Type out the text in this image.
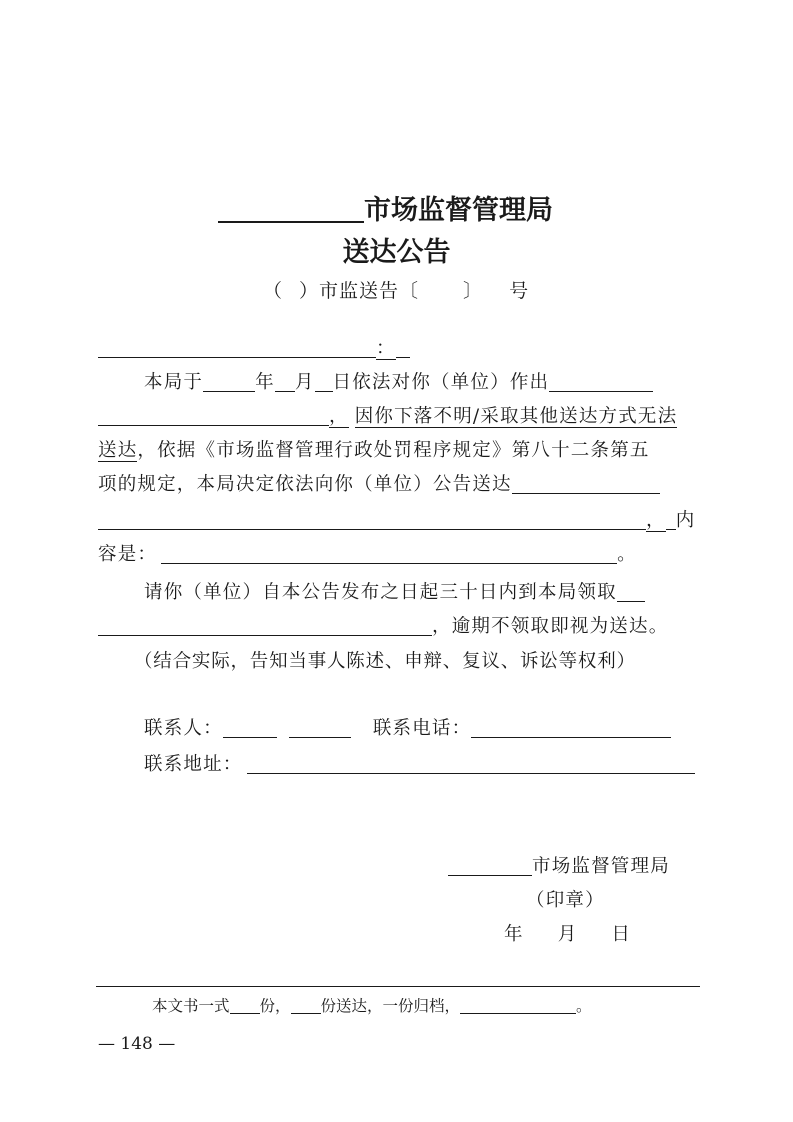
市场监督管理局
送达公告
（ ）市监送告〔 〕 号
：
本局于	年 月 日依法对你（单位）作出
， 因你下落不明/采取其他送达方式无法
送达，依据《市场监督管理行政处罚程序规定》第八十二条第五
项的规定，本局决定依法向你（单位）公告送达
， 内
容是：	。
请你（单位）自本公告发布之日起三十日内到本局领取
，逾期不领取即视为送达。
（结合实际，告知当事人陈述、申辩、复议、诉讼等权利）
联系人：	联系电话：
联系地址：
市场监督管理局
（印章）
年 月 日
本文书一式 份， 份送达，一份归档，	。
— 148 —
